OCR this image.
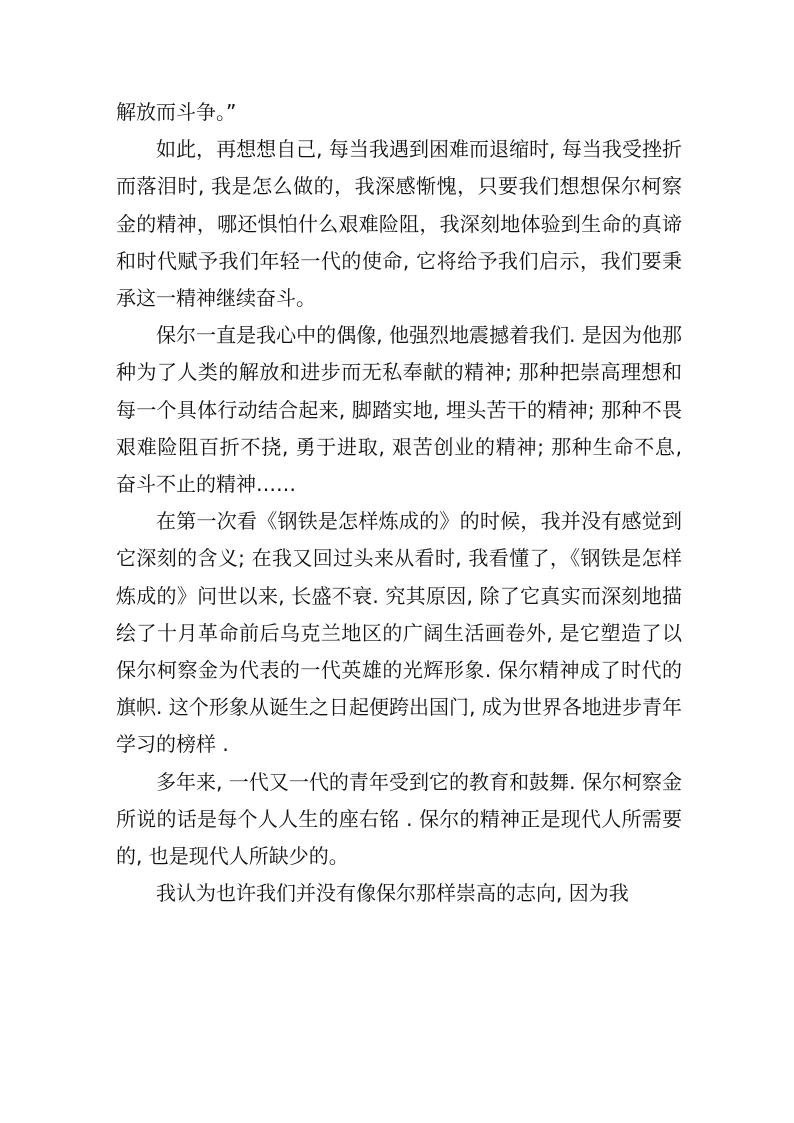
解放而斗争。”

如此，再想想自己, 每当我遇到困难而退缩时, 每当我受挫折而落泪时, 我是怎么做的，我深感惭愧，只要我们想想保尔柯察金的精神，哪还惧怕什么艰难险阻，我深刻地体验到生命的真谛和时代赋予我们年轻一代的使命, 它将给予我们启示，我们要秉承这一精神继续奋斗。

保尔一直是我心中的偶像, 他强烈地震撼着我们. 是因为他那种为了人类的解放和进步而无私奉献的精神; 那种把崇高理想和每一个具体行动结合起来, 脚踏实地, 埋头苦干的精神; 那种不畏艰难险阻百折不挠, 勇于进取, 艰苦创业的精神; 那种生命不息, 奋斗不止的精神……

在第一次看《钢铁是怎样炼成的》的时候，我并没有感觉到它深刻的含义; 在我又回过头来从看时, 我看懂了，《钢铁是怎样炼成的》问世以来, 长盛不衰. 究其原因, 除了它真实而深刻地描绘了十月革命前后乌克兰地区的广阔生活画卷外, 是它塑造了以保尔柯察金为代表的一代英雄的光辉形象. 保尔精神成了时代的旗帜. 这个形象从诞生之日起便跨出国门, 成为世界各地进步青年学习的榜样 .

多年来, 一代又一代的青年受到它的教育和鼓舞. 保尔柯察金所说的话是每个人人生的座右铭 . 保尔的精神正是现代人所需要的, 也是现代人所缺少的。

我认为也许我们并没有像保尔那样崇高的志向, 因为我
